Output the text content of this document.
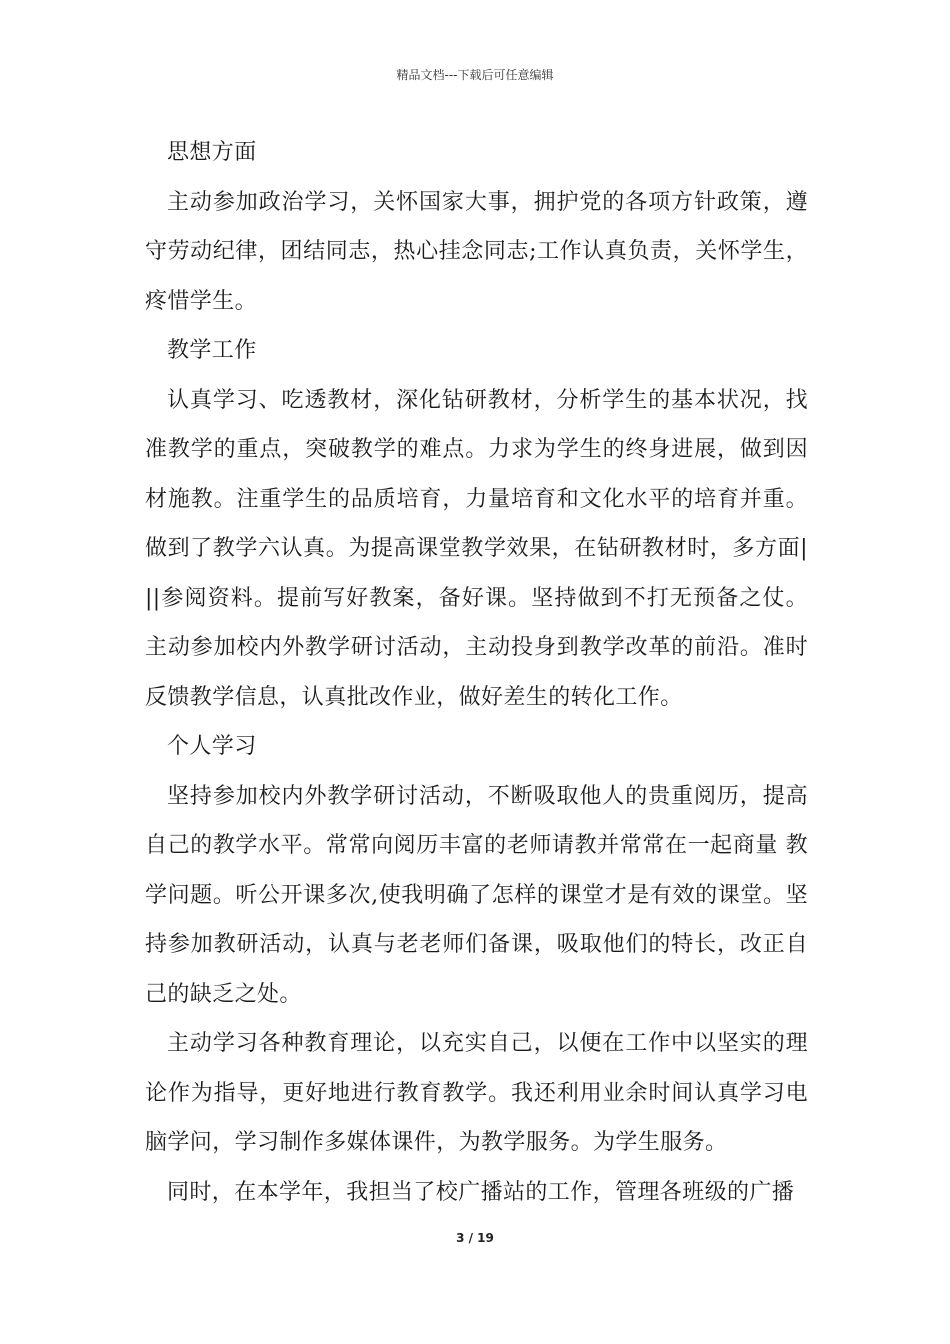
精品文档---下载后可任意编辑

思想方面

主动参加政治学习，关怀国家大事，拥护党的各项方针政策，遵守劳动纪律，团结同志，热心挂念同志;工作认真负责，关怀学生，疼惜学生。

教学工作

认真学习、吃透教材，深化钻研教材，分析学生的基本状况，找准教学的重点，突破教学的难点。力求为学生的终身进展，做到因材施教。注重学生的品质培育，力量培育和文化水平的培育并重。做到了教学六认真。为提高课堂教学效果，在钻研教材时，多方面|||参阅资料。提前写好教案，备好课。坚持做到不打无预备之仗。主动参加校内外教学研讨活动，主动投身到教学改革的前沿。准时反馈教学信息，认真批改作业，做好差生的转化工作。

个人学习

坚持参加校内外教学研讨活动，不断吸取他人的贵重阅历，提高自己的教学水平。常常向阅历丰富的老师请教并常常在一起商量 教学问题。听公开课多次,使我明确了怎样的课堂才是有效的课堂。坚持参加教研活动，认真与老老师们备课，吸取他们的特长，改正自己的缺乏之处。

主动学习各种教育理论，以充实自己，以便在工作中以坚实的理论作为指导，更好地进行教育教学。我还利用业余时间认真学习电脑学问，学习制作多媒体课件，为教学服务。为学生服务。

同时，在本学年，我担当了校广播站的工作，管理各班级的广播

3 / 19
